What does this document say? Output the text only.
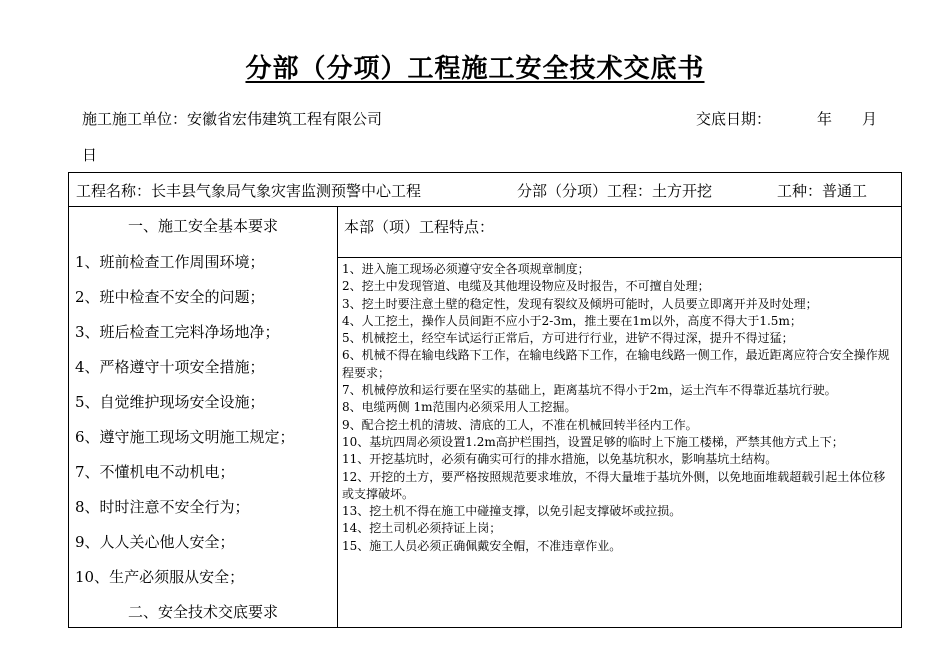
分部（分项）工程施工安全技术交底书
施工施工单位：安徽省宏伟建筑工程有限公司	交底日期：	年 月
日
工程名称：长丰县气象局气象灾害监测预警中心工程	分部（分项）工程：土方开挖	工种：普通工
一、施工安全基本要求
1、班前检查工作周围环境；
2、班中检查不安全的问题；
3、班后检查工完料净场地净；
4、严格遵守十项安全措施；
5、自觉维护现场安全设施；
6、遵守施工现场文明施工规定；
7、不懂机电不动机电；
8、时时注意不安全行为；
9、人人关心他人安全；
10、生产必须服从安全；
二、安全技术交底要求
本部（项）工程特点：
1、进入施工现场必须遵守安全各项规章制度；
2、挖土中发现管道、电缆及其他埋设物应及时报告，不可擅自处理；
3、挖土时要注意土壁的稳定性，发现有裂纹及倾坍可能时，人员要立即离开并及时处理；
4、人工挖土，操作人员间距不应小于2-3m，推土要在1m以外，高度不得大于1.5m；
5、机械挖土，经空车试运行正常后，方可进行行业，进铲不得过深，提升不得过猛；
6、机械不得在输电线路下工作，在输电线路下工作，在输电线路一侧工作，最近距离应符合安全操作规程要求；
7、机械停放和运行要在坚实的基础上，距离基坑不得小于2m，运土汽车不得靠近基坑行驶。
8、电缆两侧 1m范围内必须采用人工挖掘。
9、配合挖土机的清坡、清底的工人，不准在机械回转半径内工作。
10、基坑四周必须设置1.2m高护栏围挡，设置足够的临时上下施工楼梯，严禁其他方式上下；
11、开挖基坑时，必须有确实可行的排水措施，以免基坑积水，影响基坑土结构。
12、开挖的土方，要严格按照规范要求堆放，不得大量堆于基坑外侧，以免地面堆载超载引起土体位移或支撑破坏。
13、挖土机不得在施工中碰撞支撑，以免引起支撑破坏或拉损。
14、挖土司机必须持证上岗；
15、施工人员必须正确佩戴安全帽，不准违章作业。
